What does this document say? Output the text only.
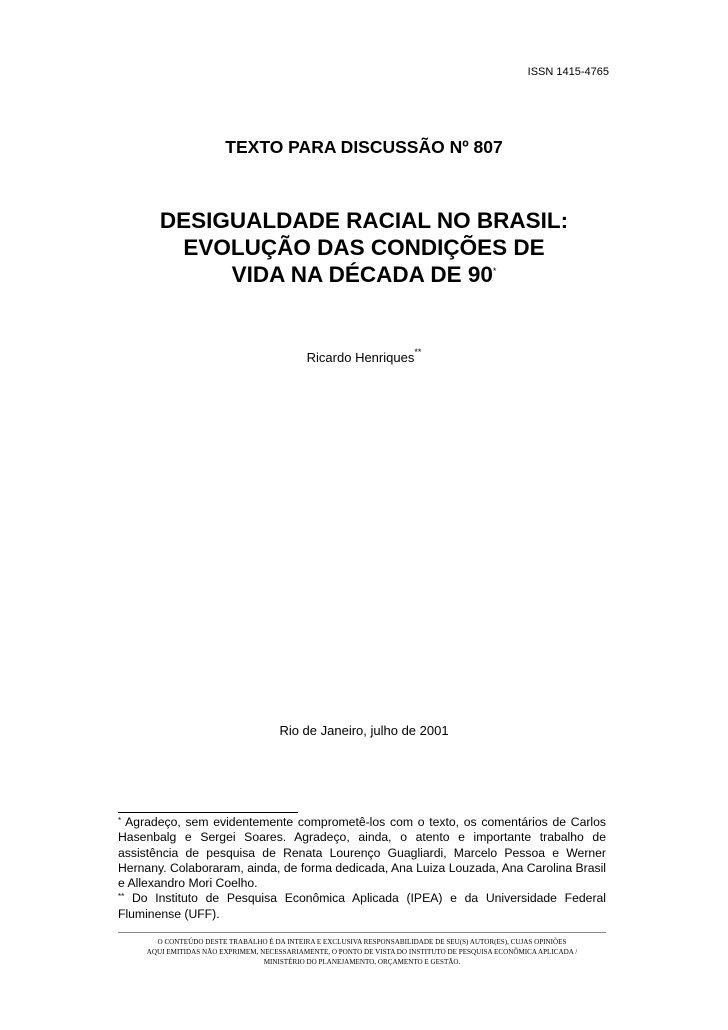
ISSN 1415-4765
TEXTO PARA DISCUSSÃO Nº 807
DESIGUALDADE RACIAL NO BRASIL:
EVOLUÇÃO DAS CONDIÇÕES DE
VIDA NA DÉCADA DE 90*
Ricardo Henriques**
Rio de Janeiro, julho de 2001

* Agradeço, sem evidentemente comprometê-los com o texto, os comentários de Carlos Hasenbalg e Sergei Soares. Agradeço, ainda, o atento e importante trabalho de assistência de pesquisa de Renata Lourenço Guagliardi, Marcelo Pessoa e Werner Hernany. Colaboraram, ainda, de forma dedicada, Ana Luiza Louzada, Ana Carolina Brasil e Allexandro Mori Coelho.

** Do Instituto de Pesquisa Econômica Aplicada (IPEA) e da Universidade Federal Fluminense (UFF).

O CONTEÚDO DESTE TRABALHO É DA INTEIRA E EXCLUSIVA RESPONSABILIDADE DE SEU(S) AUTOR(ES), CUJAS OPINIÕES
AQUI EMITIDAS NÃO EXPRIMEM, NECESSARIAMENTE, O PONTO DE VISTA DO INSTITUTO DE PESQUISA ECONÔMICA APLICADA /
MINISTÉRIO DO PLANEJAMENTO, ORÇAMENTO E GESTÃO.
